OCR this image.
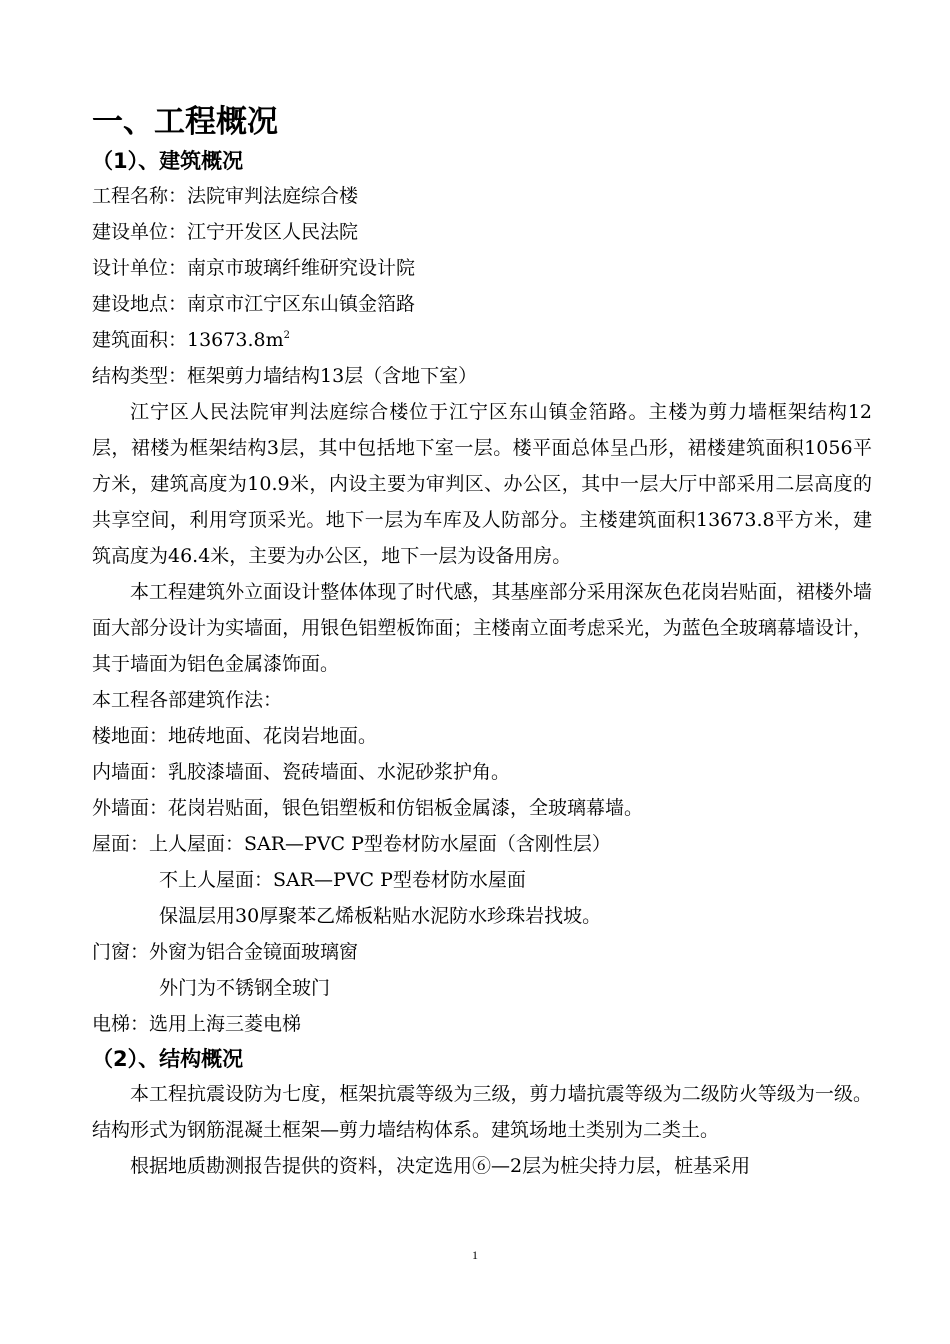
一、工程概况
（1）、建筑概况
工程名称：法院审判法庭综合楼
建设单位：江宁开发区人民法院
设计单位：南京市玻璃纤维研究设计院
建设地点：南京市江宁区东山镇金箔路
建筑面积：$13673.8m^2$
结构类型：框架剪力墙结构13层（含地下室）

江宁区人民法院审判法庭综合楼位于江宁区东山镇金箔路。主楼为剪力墙框架结构12层，裙楼为框架结构3层，其中包括地下室一层。楼平面总体呈凸形，裙楼建筑面积1056平方米，建筑高度为10.9米，内设主要为审判区、办公区，其中一层大厅中部采用二层高度的共享空间，利用穹顶采光。地下一层为车库及人防部分。主楼建筑面积13673.8平方米，建筑高度为46.4米，主要为办公区，地下一层为设备用房。

本工程建筑外立面设计整体体现了时代感，其基座部分采用深灰色花岗岩贴面，裙楼外墙面大部分设计为实墙面，用银色铝塑板饰面；主楼南立面考虑采光，为蓝色全玻璃幕墙设计，其于墙面为铝色金属漆饰面。

本工程各部建筑作法：
楼地面：地砖地面、花岗岩地面。
内墙面：乳胶漆墙面、瓷砖墙面、水泥砂浆护角。
外墙面：花岗岩贴面，银色铝塑板和仿铝板金属漆，全玻璃幕墙。
屋面：上人屋面：SAR—PVC P型卷材防水屋面（含刚性层）
不上人屋面：SAR—PVC P型卷材防水屋面
保温层用30厚聚苯乙烯板粘贴水泥防水珍珠岩找坡。
门窗：外窗为铝合金镜面玻璃窗
外门为不锈钢全玻门
电梯：选用上海三菱电梯
（2）、结构概况

本工程抗震设防为七度，框架抗震等级为三级，剪力墙抗震等级为二级防火等级为一级。结构形式为钢筋混凝土框架—剪力墙结构体系。建筑场地土类别为二类土。

根据地质勘测报告提供的资料，决定选用⑥—2层为桩尖持力层，桩基采用

1
